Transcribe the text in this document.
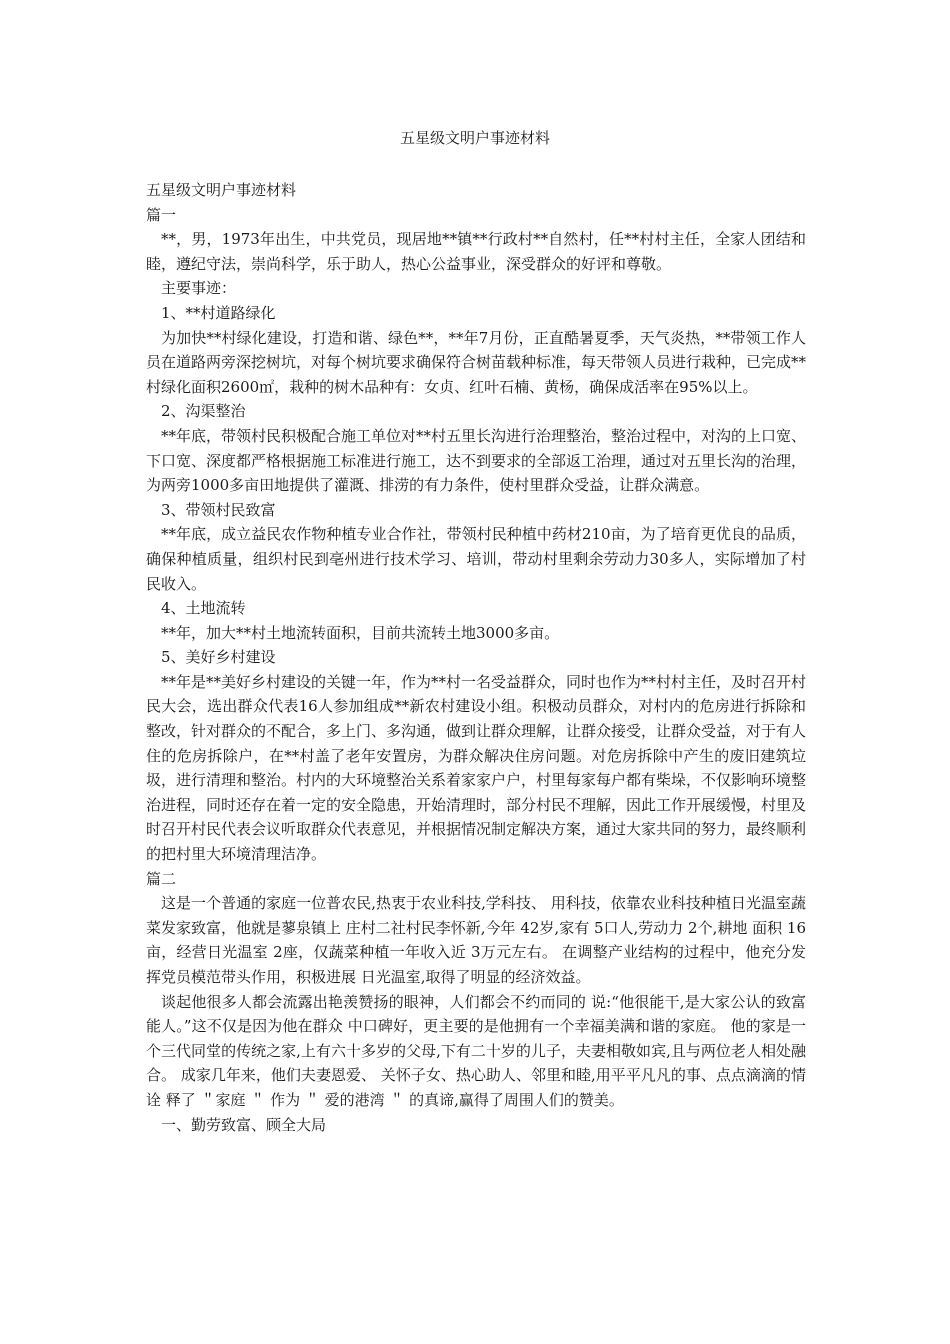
五星级文明户事迹材料

五星级文明户事迹材料

篇一

**，男，1973年出生，中共党员，现居地**镇**行政村**自然村，任**村村主任，全家人团结和睦，遵纪守法，崇尚科学，乐于助人，热心公益事业，深受群众的好评和尊敬。

主要事迹：

1、**村道路绿化

为加快**村绿化建设，打造和谐、绿色**，**年7月份，正直酷暑夏季，天气炎热，**带领工作人员在道路两旁深挖树坑，对每个树坑要求确保符合树苗载种标准，每天带领人员进行栽种，已完成**村绿化面积2600㎡，栽种的树木品种有：女贞、红叶石楠、黄杨，确保成活率在95%以上。

2、沟渠整治

**年底，带领村民积极配合施工单位对**村五里长沟进行治理整治，整治过程中，对沟的上口宽、下口宽、深度都严格根据施工标准进行施工，达不到要求的全部返工治理，通过对五里长沟的治理，为两旁1000多亩田地提供了灌溉、排涝的有力条件，使村里群众受益，让群众满意。

3、带领村民致富

**年底，成立益民农作物种植专业合作社，带领村民种植中药材210亩，为了培育更优良的品质，确保种植质量，组织村民到亳州进行技术学习、培训，带动村里剩余劳动力30多人，实际增加了村民收入。

4、土地流转

**年，加大**村土地流转面积，目前共流转土地3000多亩。

5、美好乡村建设

**年是**美好乡村建设的关键一年，作为**村一名受益群众，同时也作为**村村主任，及时召开村民大会，选出群众代表16人参加组成**新农村建设小组。积极动员群众，对村内的危房进行拆除和整改，针对群众的不配合，多上门、多沟通，做到让群众理解，让群众接受，让群众受益，对于有人住的危房拆除户，在**村盖了老年安置房，为群众解决住房问题。对危房拆除中产生的废旧建筑垃圾，进行清理和整治。村内的大环境整治关系着家家户户，村里每家每户都有柴垛，不仅影响环境整治进程，同时还存在着一定的安全隐患，开始清理时，部分村民不理解，因此工作开展缓慢，村里及时召开村民代表会议听取群众代表意见，并根据情况制定解决方案，通过大家共同的努力，最终顺利的把村里大环境清理洁净。

篇二

这是一个普通的家庭一位普农民,热衷于农业科技,学科技、 用科技，依靠农业科技种植日光温室蔬菜发家致富，他就是蓼泉镇上 庄村二社村民李怀新,今年 42岁,家有 5口人,劳动力 2个,耕地 面积 16亩，经营日光温室 2座，仅蔬菜种植一年收入近 3万元左右。 在调整产业结构的过程中，他充分发挥党员模范带头作用，积极进展 日光温室,取得了明显的经济效益。

谈起他很多人都会流露出艳羡赞扬的眼神，人们都会不约而同的 说:“他很能干,是大家公认的致富能人。”这不仅是因为他在群众 中口碑好，更主要的是他拥有一个幸福美满和谐的家庭。 他的家是一 个三代同堂的传统之家,上有六十多岁的父母,下有二十岁的儿子，夫妻相敬如宾,且与两位老人相处融合。 成家几年来，他们夫妻恩爱、 关怀子女、热心助人、邻里和睦,用平平凡凡的事、点点滴滴的情诠 释了 ＂家庭 ＂ 作为 ＂ 爱的港湾 ＂ 的真谛,赢得了周围人们的赞美。

一、勤劳致富、顾全大局
